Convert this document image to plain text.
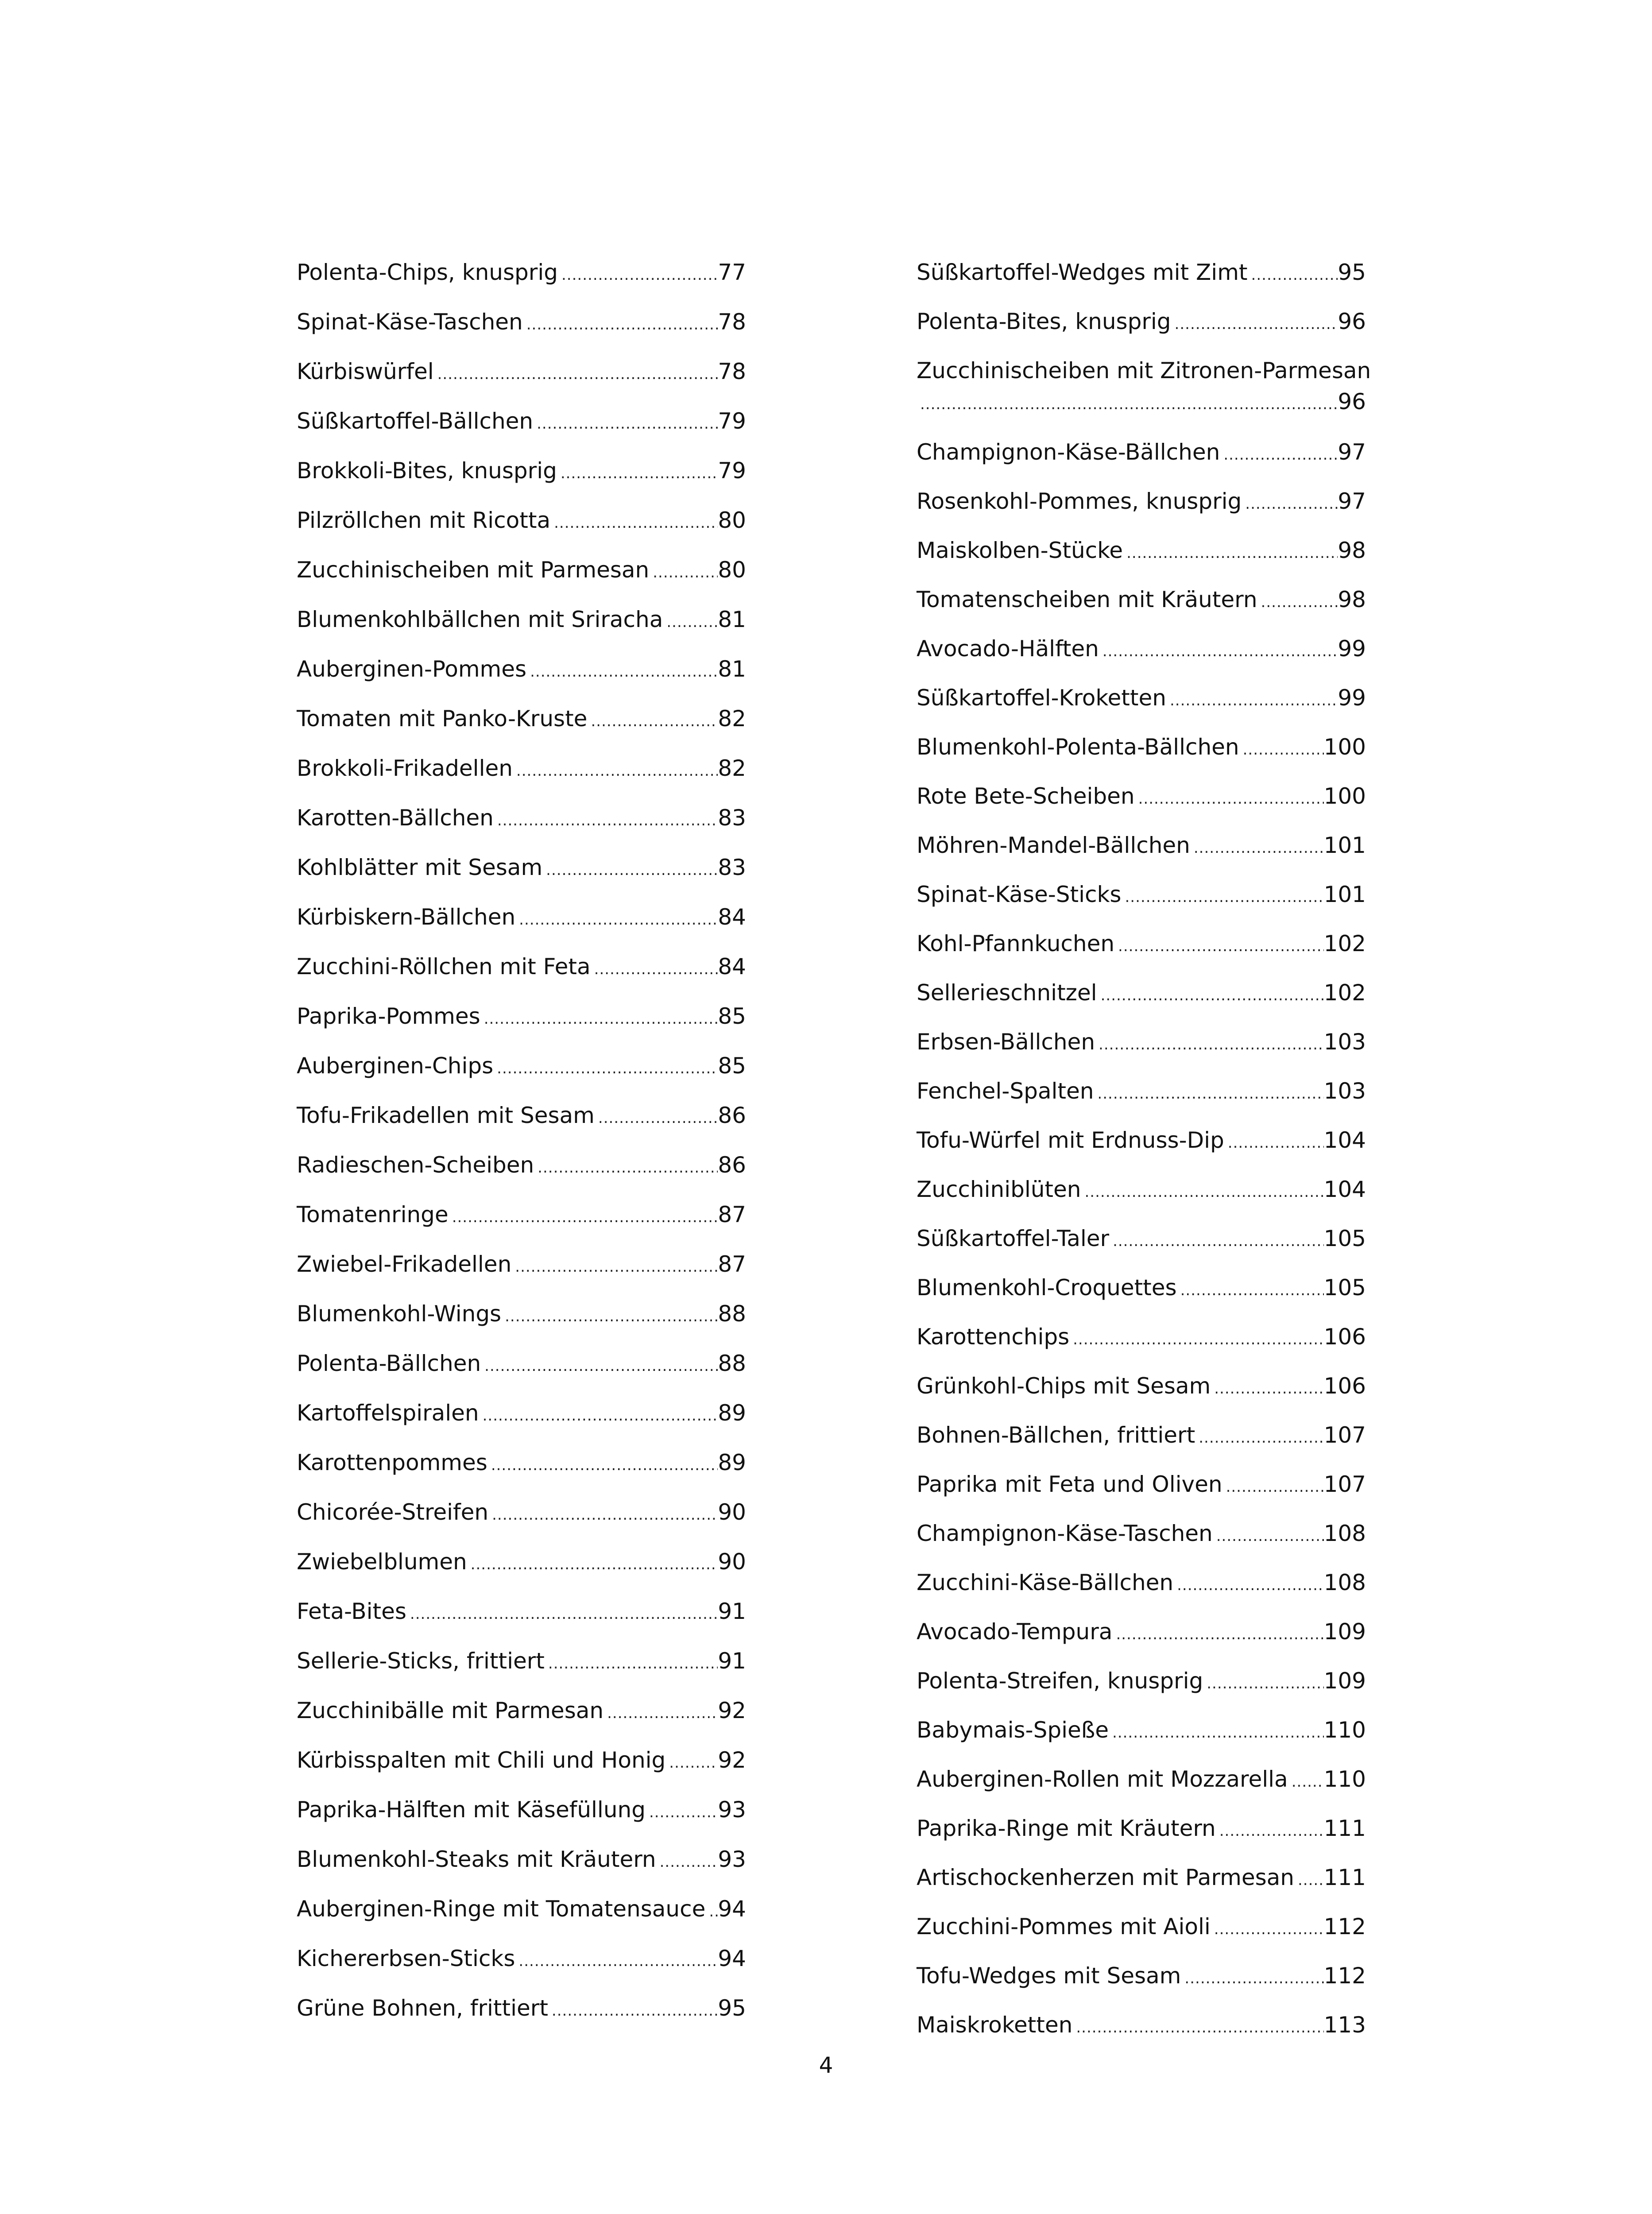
Polenta-Chips, knusprig .....	77
Spinat-Käse-Taschen .....	78
Kürbiswürfel .....	78
Süßkartoffel-Bällchen .....	79
Brokkoli-Bites, knusprig .....	79
Pilzröllchen mit Ricotta .....	80
Zucchinischeiben mit Parmesan .....	80
Blumenkohlbällchen mit Sriracha ..... 81
Auberginen-Pommes .....	81
Tomaten mit Panko-Kruste .....	82
Brokkoli-Frikadellen .....	82
Karotten-Bällchen .....	83
Kohlblätter mit Sesam .....	83
Kürbiskern-Bällchen .....	84
Zucchini-Röllchen mit Feta .....	84
Paprika-Pommes .....	85
Auberginen-Chips .....	85
Tofu-Frikadellen mit Sesam .....	86
Radieschen-Scheiben .....	86
Tomatenringe .....	87
Zwiebel-Frikadellen .....	87
Blumenkohl-Wings .....	88
Polenta-Bällchen .....	88
Kartoffelspiralen .....	89
Karottenpommes .....	89
Chicorée-Streifen .....	90
Zwiebelblumen .....	90
Feta-Bites .....	91
Sellerie-Sticks, frittiert .....	91
Zucchinibälle mit Parmesan .....	92
Kürbisspalten mit Chili und Honig ..... 92
Paprika-Hälften mit Käsefüllung .....	93
Blumenkohl-Steaks mit Kräutern .....	93
Auberginen-Ringe mit Tomatensauce ..... 94
Kichererbsen-Sticks .....	94
Grüne Bohnen, frittiert .....	95
Süßkartoffel-Wedges mit Zimt .....	95
Polenta-Bites, knusprig .....	96
Zucchinischeiben mit Zitronen-Parmesan
.....
96
Champignon-Käse-Bällchen .....	97
Rosenkohl-Pommes, knusprig .....	97
Maiskolben-Stücke .....	98
Tomatenscheiben mit Kräutern .....	98
Avocado-Hälften .....	99
Süßkartoffel-Kroketten .....	99
Blumenkohl-Polenta-Bällchen .....	100
Rote Bete-Scheiben .....	100
Möhren-Mandel-Bällchen .....	101
Spinat-Käse-Sticks .....	101
Kohl-Pfannkuchen .....	102
Sellerieschnitzel .....	102
Erbsen-Bällchen .....	103
Fenchel-Spalten .....	103
Tofu-Würfel mit Erdnuss-Dip .....	104
Zucchiniblüten .....	104
Süßkartoffel-Taler .....	105
Blumenkohl-Croquettes .....	105
Karottenchips .....	106
Grünkohl-Chips mit Sesam .....	106
Bohnen-Bällchen, frittiert .....	107
Paprika mit Feta und Oliven .....	107
Champignon-Käse-Taschen .....	108
Zucchini-Käse-Bällchen .....	108
Avocado-Tempura .....	109
Polenta-Streifen, knusprig .....	109
Babymais-Spieße .....	110
Auberginen-Rollen mit Mozzarella ..... 110
Paprika-Ringe mit Kräutern .....	111
Artischockenherzen mit Parmesan ..... 111
Zucchini-Pommes mit Aioli .....	112
Tofu-Wedges mit Sesam .....	112
Maiskroketten .....	113
4
